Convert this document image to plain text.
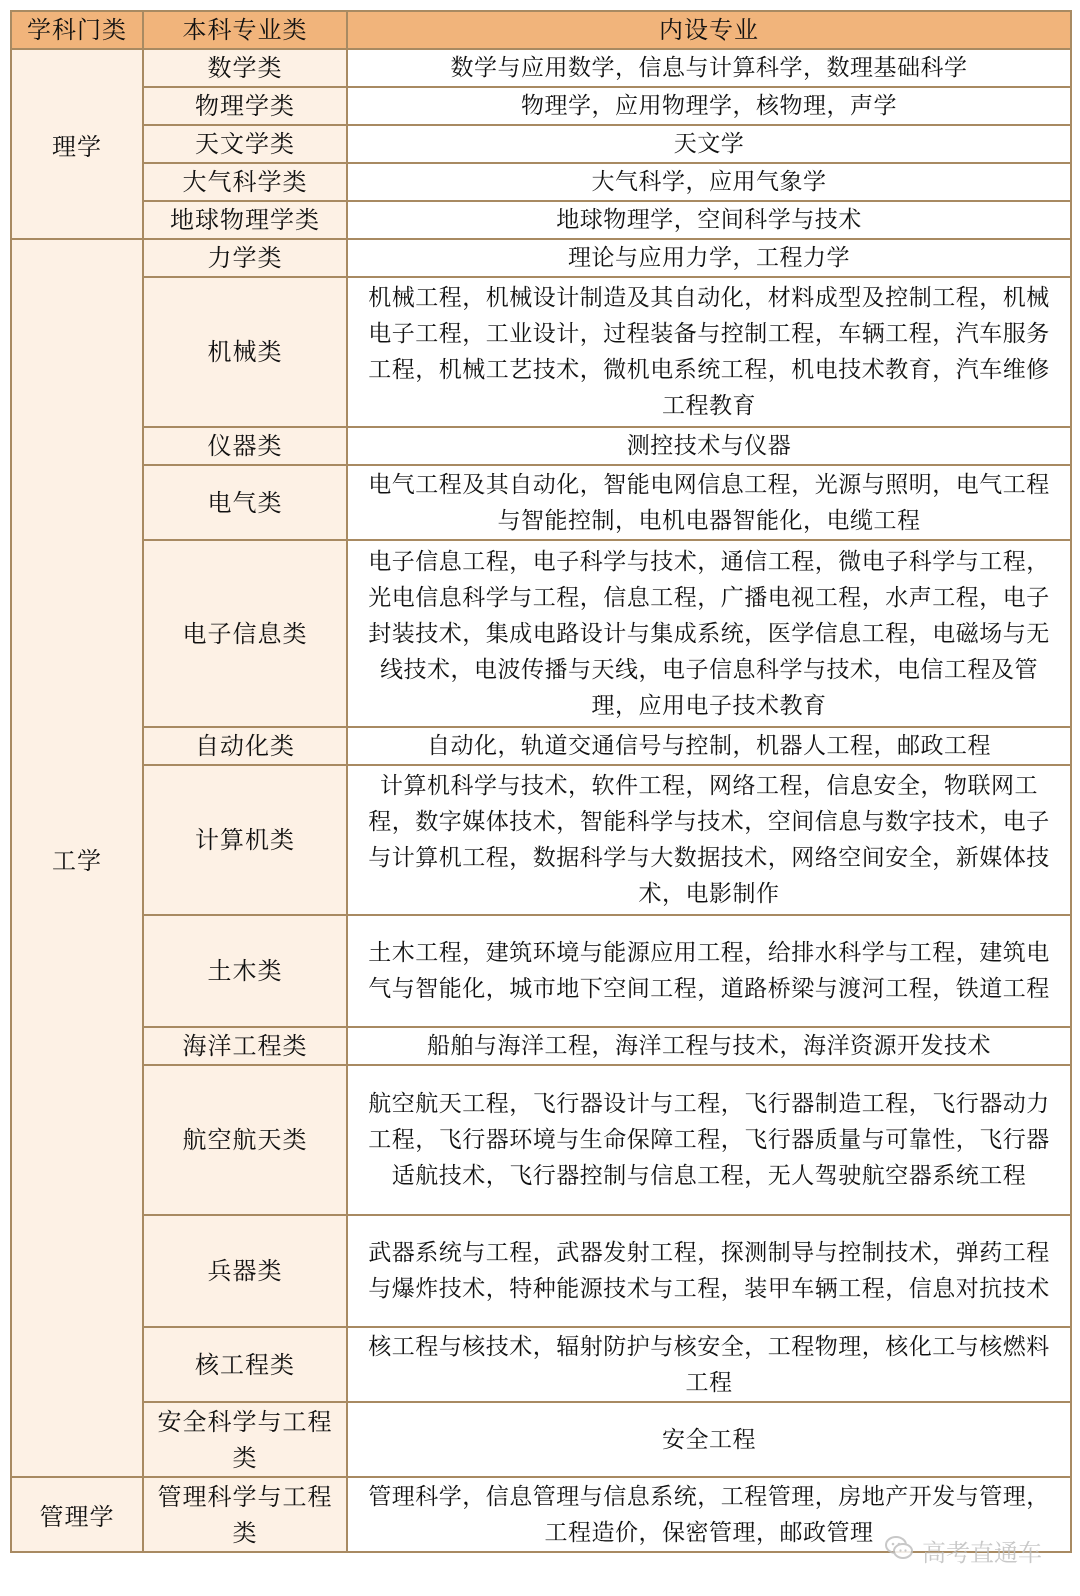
学科门类	本科专业类	内设专业
理学	数学类	数学与应用数学，信息与计算科学，数理基础科学
	物理学类	物理学，应用物理学，核物理，声学
	天文学类	天文学
	大气科学类	大气科学，应用气象学
	地球物理学类	地球物理学，空间科学与技术
工学	力学类	理论与应用力学，工程力学
	机械类	机械工程，机械设计制造及其自动化，材料成型及控制工程，机械电子工程，工业设计，过程装备与控制工程，车辆工程，汽车服务工程，机械工艺技术，微机电系统工程，机电技术教育，汽车维修工程教育
	仪器类	测控技术与仪器
	电气类	电气工程及其自动化，智能电网信息工程，光源与照明，电气工程与智能控制，电机电器智能化，电缆工程
	电子信息类	电子信息工程，电子科学与技术，通信工程，微电子科学与工程，光电信息科学与工程，信息工程，广播电视工程，水声工程，电子封装技术，集成电路设计与集成系统，医学信息工程，电磁场与无线技术，电波传播与天线，电子信息科学与技术，电信工程及管理，应用电子技术教育
	自动化类	自动化，轨道交通信号与控制，机器人工程，邮政工程
	计算机类	计算机科学与技术，软件工程，网络工程，信息安全，物联网工程，数字媒体技术，智能科学与技术，空间信息与数字技术，电子与计算机工程，数据科学与大数据技术，网络空间安全，新媒体技术，电影制作
	土木类	土木工程，建筑环境与能源应用工程，给排水科学与工程，建筑电气与智能化，城市地下空间工程，道路桥梁与渡河工程，铁道工程
	海洋工程类	船舶与海洋工程，海洋工程与技术，海洋资源开发技术
	航空航天类	航空航天工程，飞行器设计与工程，飞行器制造工程，飞行器动力工程，飞行器环境与生命保障工程，飞行器质量与可靠性，飞行器适航技术，飞行器控制与信息工程，无人驾驶航空器系统工程
	兵器类	武器系统与工程，武器发射工程，探测制导与控制技术，弹药工程与爆炸技术，特种能源技术与工程，装甲车辆工程，信息对抗技术
	核工程类	核工程与核技术，辐射防护与核安全，工程物理，核化工与核燃料工程
	安全科学与工程类	安全工程
管理学	管理科学与工程类	管理科学，信息管理与信息系统，工程管理，房地产开发与管理，工程造价，保密管理，邮政管理
高考直通车
